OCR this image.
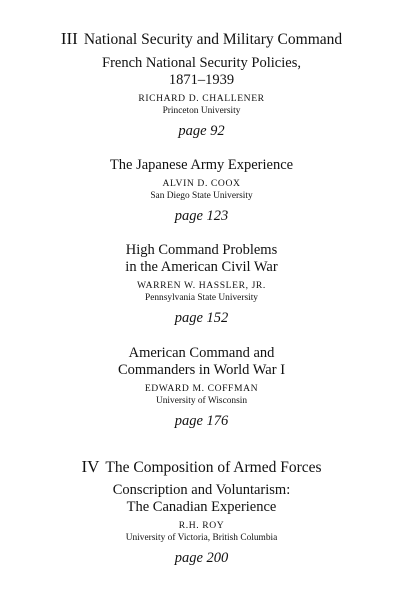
III National Security and Military Command
French National Security Policies,
1871–1939
RICHARD D. CHALLENER
Princeton University
page 92
The Japanese Army Experience
ALVIN D. COOX
San Diego State University
page 123
High Command Problems
in the American Civil War
WARREN W. HASSLER, JR.
Pennsylvania State University
page 152
American Command and
Commanders in World War I
EDWARD M. COFFMAN
University of Wisconsin
page 176
IV The Composition of Armed Forces
Conscription and Voluntarism:
The Canadian Experience
R.H. ROY
University of Victoria, British Columbia
page 200
